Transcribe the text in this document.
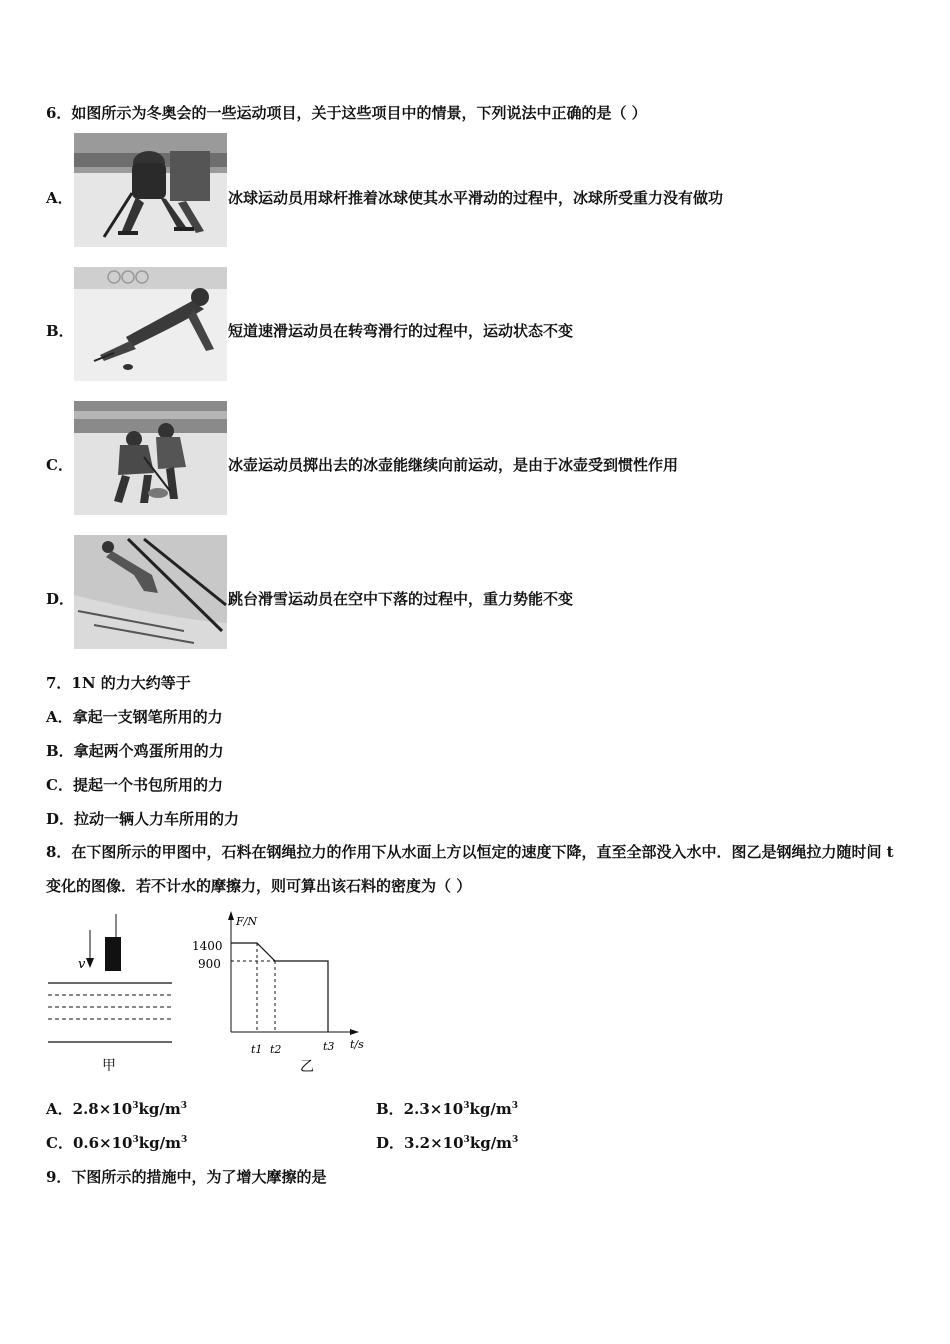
6．如图所示为冬奥会的一些运动项目，关于这些项目中的情景，下列说法中正确的是（ ）
A．	冰球运动员用球杆推着冰球使其水平滑动的过程中，冰球所受重力没有做功
B．	短道速滑运动员在转弯滑行的过程中，运动状态不变
C．	冰壶运动员掷出去的冰壶能继续向前运动，是由于冰壶受到惯性作用
D．	跳台滑雪运动员在空中下落的过程中，重力势能不变
7．1N 的力大约等于
A．拿起一支钢笔所用的力
B．拿起两个鸡蛋所用的力
C．提起一个书包所用的力
D．拉动一辆人力车所用的力
8．在下图所示的甲图中，石料在钢绳拉力的作用下从水面上方以恒定的速度下降，直至全部没入水中．图乙是钢绳拉力随时间 t 变化的图像．若不计水的摩擦力，则可算出该石料的密度为（ ）
v
甲
F/N
t/s
1400
900
t1 t2	t3
乙
A．$2.8\times 10^3kg/m^3$	B．$2.3\times 10^3kg/m^3$
C．$0.6\times 10^3kg/m^3$	D．$3.2\times 10^3kg/m^3$
9．下图所示的措施中，为了增大摩擦的是
